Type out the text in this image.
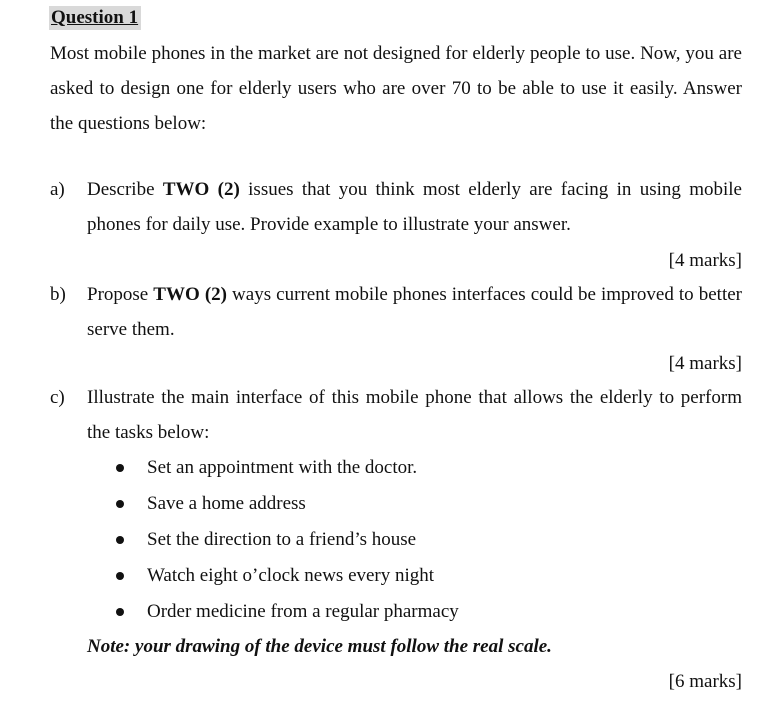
Question 1
Most mobile phones in the market are not designed for elderly people to use. Now, you are asked to design one for elderly users who are over 70 to be able to use it easily. Answer the questions below:
a) Describe TWO (2) issues that you think most elderly are facing in using mobile phones for daily use. Provide example to illustrate your answer.
[4 marks]
b) Propose TWO (2) ways current mobile phones interfaces could be improved to better serve them.
[4 marks]
c) Illustrate the main interface of this mobile phone that allows the elderly to perform the tasks below:
Set an appointment with the doctor.
Save a home address
Set the direction to a friend’s house
Watch eight o’clock news every night
Order medicine from a regular pharmacy
Note: your drawing of the device must follow the real scale.
[6 marks]
